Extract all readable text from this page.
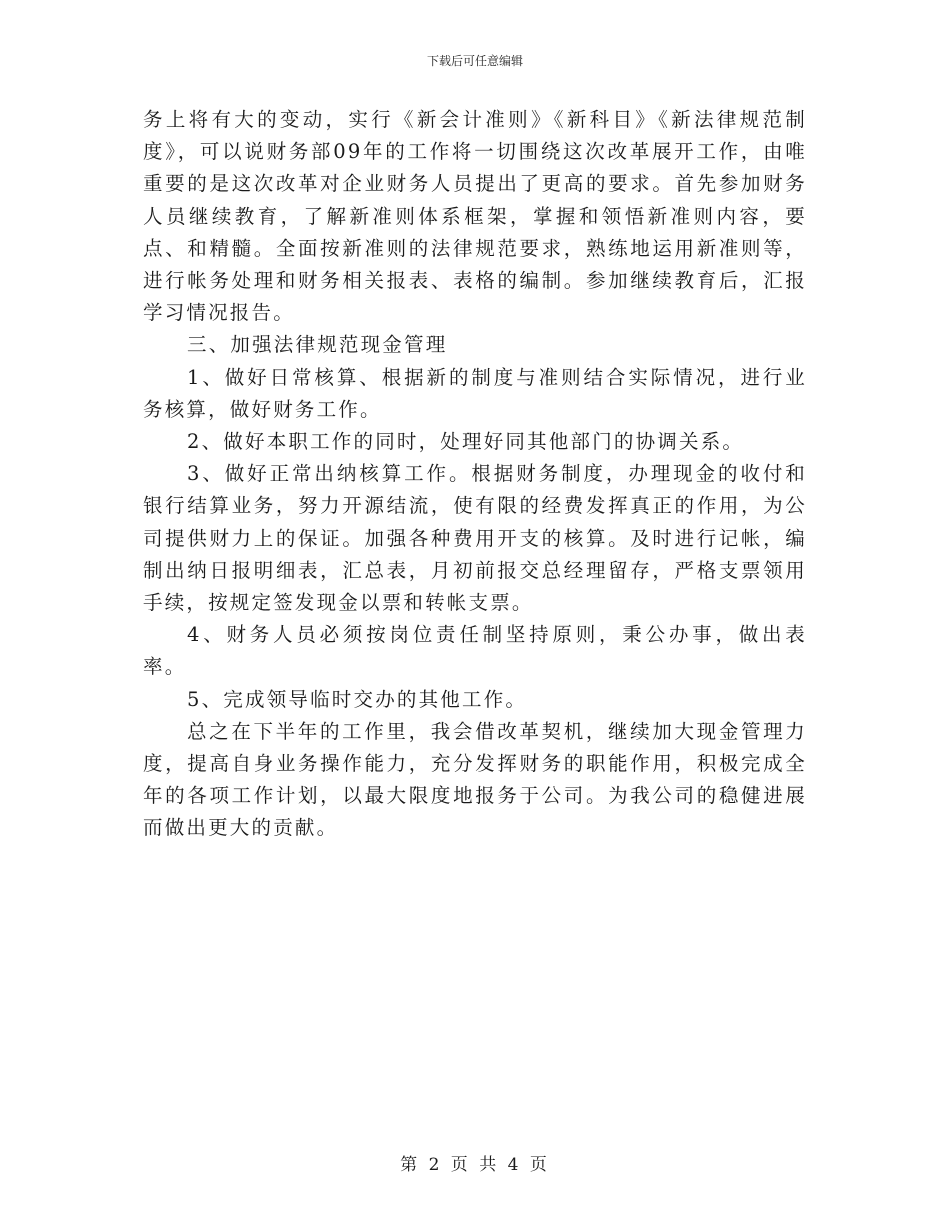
下载后可任意编辑

务上将有大的变动，实行《新会计准则》《新科目》《新法律规范制度》，可以说财务部09年的工作将一切围绕这次改革展开工作，由唯重要的是这次改革对企业财务人员提出了更高的要求。首先参加财务人员继续教育，了解新准则体系框架，掌握和领悟新准则内容，要点、和精髓。全面按新准则的法律规范要求，熟练地运用新准则等，进行帐务处理和财务相关报表、表格的编制。参加继续教育后，汇报学习情况报告。

三、加强法律规范现金管理

1、做好日常核算、根据新的制度与准则结合实际情况，进行业务核算，做好财务工作。

2、做好本职工作的同时，处理好同其他部门的协调关系。

3、做好正常出纳核算工作。根据财务制度，办理现金的收付和银行结算业务，努力开源结流，使有限的经费发挥真正的作用，为公司提供财力上的保证。加强各种费用开支的核算。及时进行记帐，编制出纳日报明细表，汇总表，月初前报交总经理留存，严格支票领用手续，按规定签发现金以票和转帐支票。

4、财务人员必须按岗位责任制坚持原则，秉公办事，做出表率。

5、完成领导临时交办的其他工作。

总之在下半年的工作里，我会借改革契机，继续加大现金管理力度，提高自身业务操作能力，充分发挥财务的职能作用，积极完成全年的各项工作计划，以最大限度地报务于公司。为我公司的稳健进展而做出更大的贡献。

第 2 页 共 4 页
